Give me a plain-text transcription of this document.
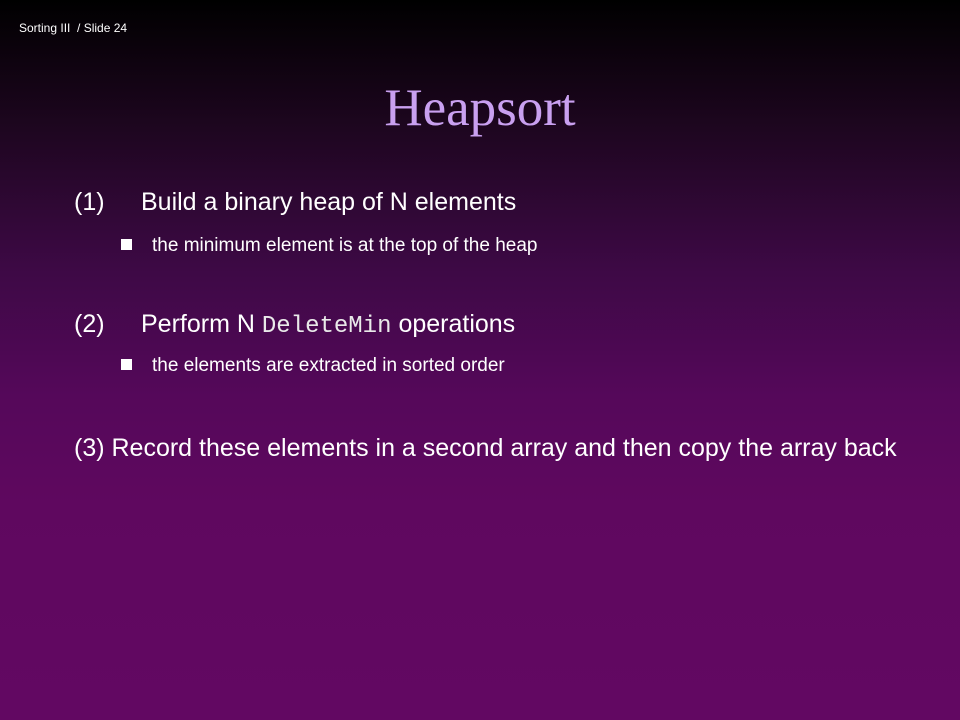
Sorting III  / Slide 24
Heapsort
(1) Build a binary heap of N elements
the minimum element is at the top of the heap
(2) Perform N DeleteMin operations
the elements are extracted in sorted order
(3) Record these elements in a second array and then copy the array back
